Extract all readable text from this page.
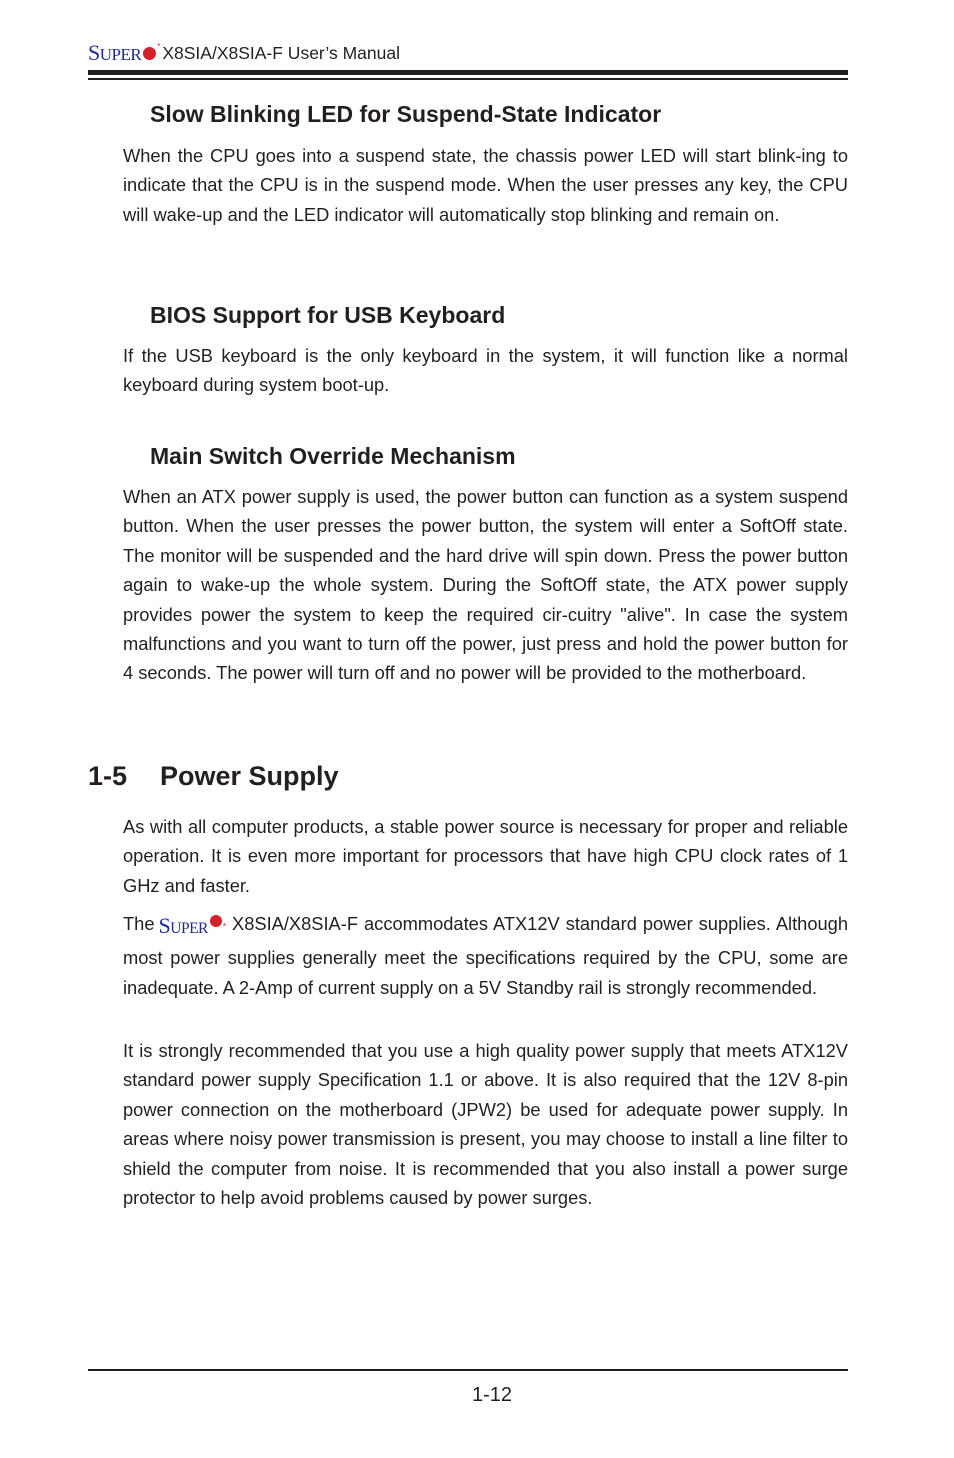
SUPER * X8SIA/X8SIA-F User’s Manual
Slow Blinking LED for Suspend-State Indicator

When the CPU goes into a suspend state, the chassis power LED will start blink-ing to indicate that the CPU is in the suspend mode. When the user presses any key, the CPU will wake-up and the LED indicator will automatically stop blinking and remain on.

BIOS Support for USB Keyboard

If the USB keyboard is the only keyboard in the system, it will function like a normal keyboard during system boot-up.

Main Switch Override Mechanism

When an ATX power supply is used, the power button can function as a system suspend button. When the user presses the power button, the system will enter a SoftOff state. The monitor will be suspended and the hard drive will spin down. Press the power button again to wake-up the whole system. During the SoftOff state, the ATX power supply provides power the system to keep the required cir-cuitry "alive". In case the system malfunctions and you want to turn off the power, just press and hold the power button for 4 seconds. The power will turn off and no power will be provided to the motherboard.

1-5 Power Supply

As with all computer products, a stable power source is necessary for proper and reliable operation. It is even more important for processors that have high CPU clock rates of 1 GHz and faster.

The SUPER * X8SIA/X8SIA-F accommodates ATX12V standard power supplies. Although most power supplies generally meet the specifications required by the CPU, some are inadequate. A 2-Amp of current supply on a 5V Standby rail is strongly recommended.

It is strongly recommended that you use a high quality power supply that meets ATX12V standard power supply Specification 1.1 or above. It is also required that the 12V 8-pin power connection on the motherboard (JPW2) be used for adequate power supply. In areas where noisy power transmission is present, you may choose to install a line filter to shield the computer from noise. It is recommended that you also install a power surge protector to help avoid problems caused by power surges.

1-12
